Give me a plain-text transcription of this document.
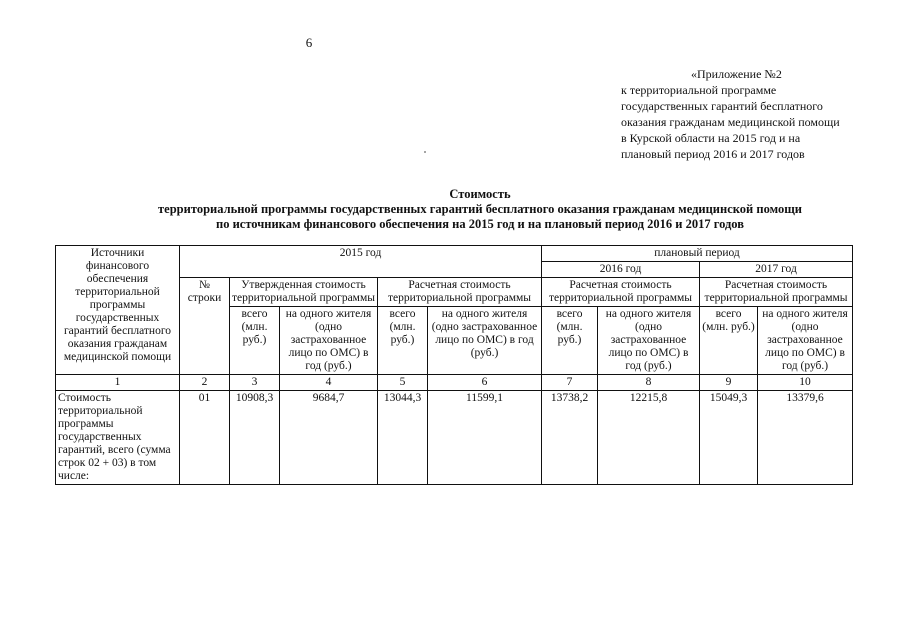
6
«Приложение №2
к территориальной программе
государственных гарантий бесплатного
оказания гражданам медицинской помощи
в Курской области на 2015 год и на
плановый период 2016 и 2017 годов
Стоимость
территориальной программы государственных гарантий бесплатного оказания гражданам медицинской помощи
по источникам финансового обеспечения на 2015 год и на плановый период 2016 и 2017 годов
Источники финансового обеспечения территориальной программы государственных гарантий бесплатного оказания гражданам медицинской помощи	2015 год					плановый период			
						2016 год		2017 год	
	№ строки	Утвержденная стоимость территориальной программы		Расчетная стоимость территориальной программы		Расчетная стоимость территориальной программы		Расчетная стоимость территориальной программы	
		всего (млн. руб.)	на одного жителя (одно застрахованное лицо по ОМС) в год (руб.)	всего (млн. руб.)	на одного жителя (одно застрахованное лицо по ОМС) в год (руб.)	всего (млн. руб.)	на одного жителя (одно застрахованное лицо по ОМС) в год (руб.)	всего (млн. руб.)	на одного жителя (одно застрахованное лицо по ОМС) в год (руб.)
1	2	3	4	5	6	7	8	9	10
Стоимость территориальной программы государственных гарантий, всего (сумма строк 02 + 03) в том числе:	01	10908,3	9684,7	13044,3	11599,1	13738,2	12215,8	15049,3	13379,6
